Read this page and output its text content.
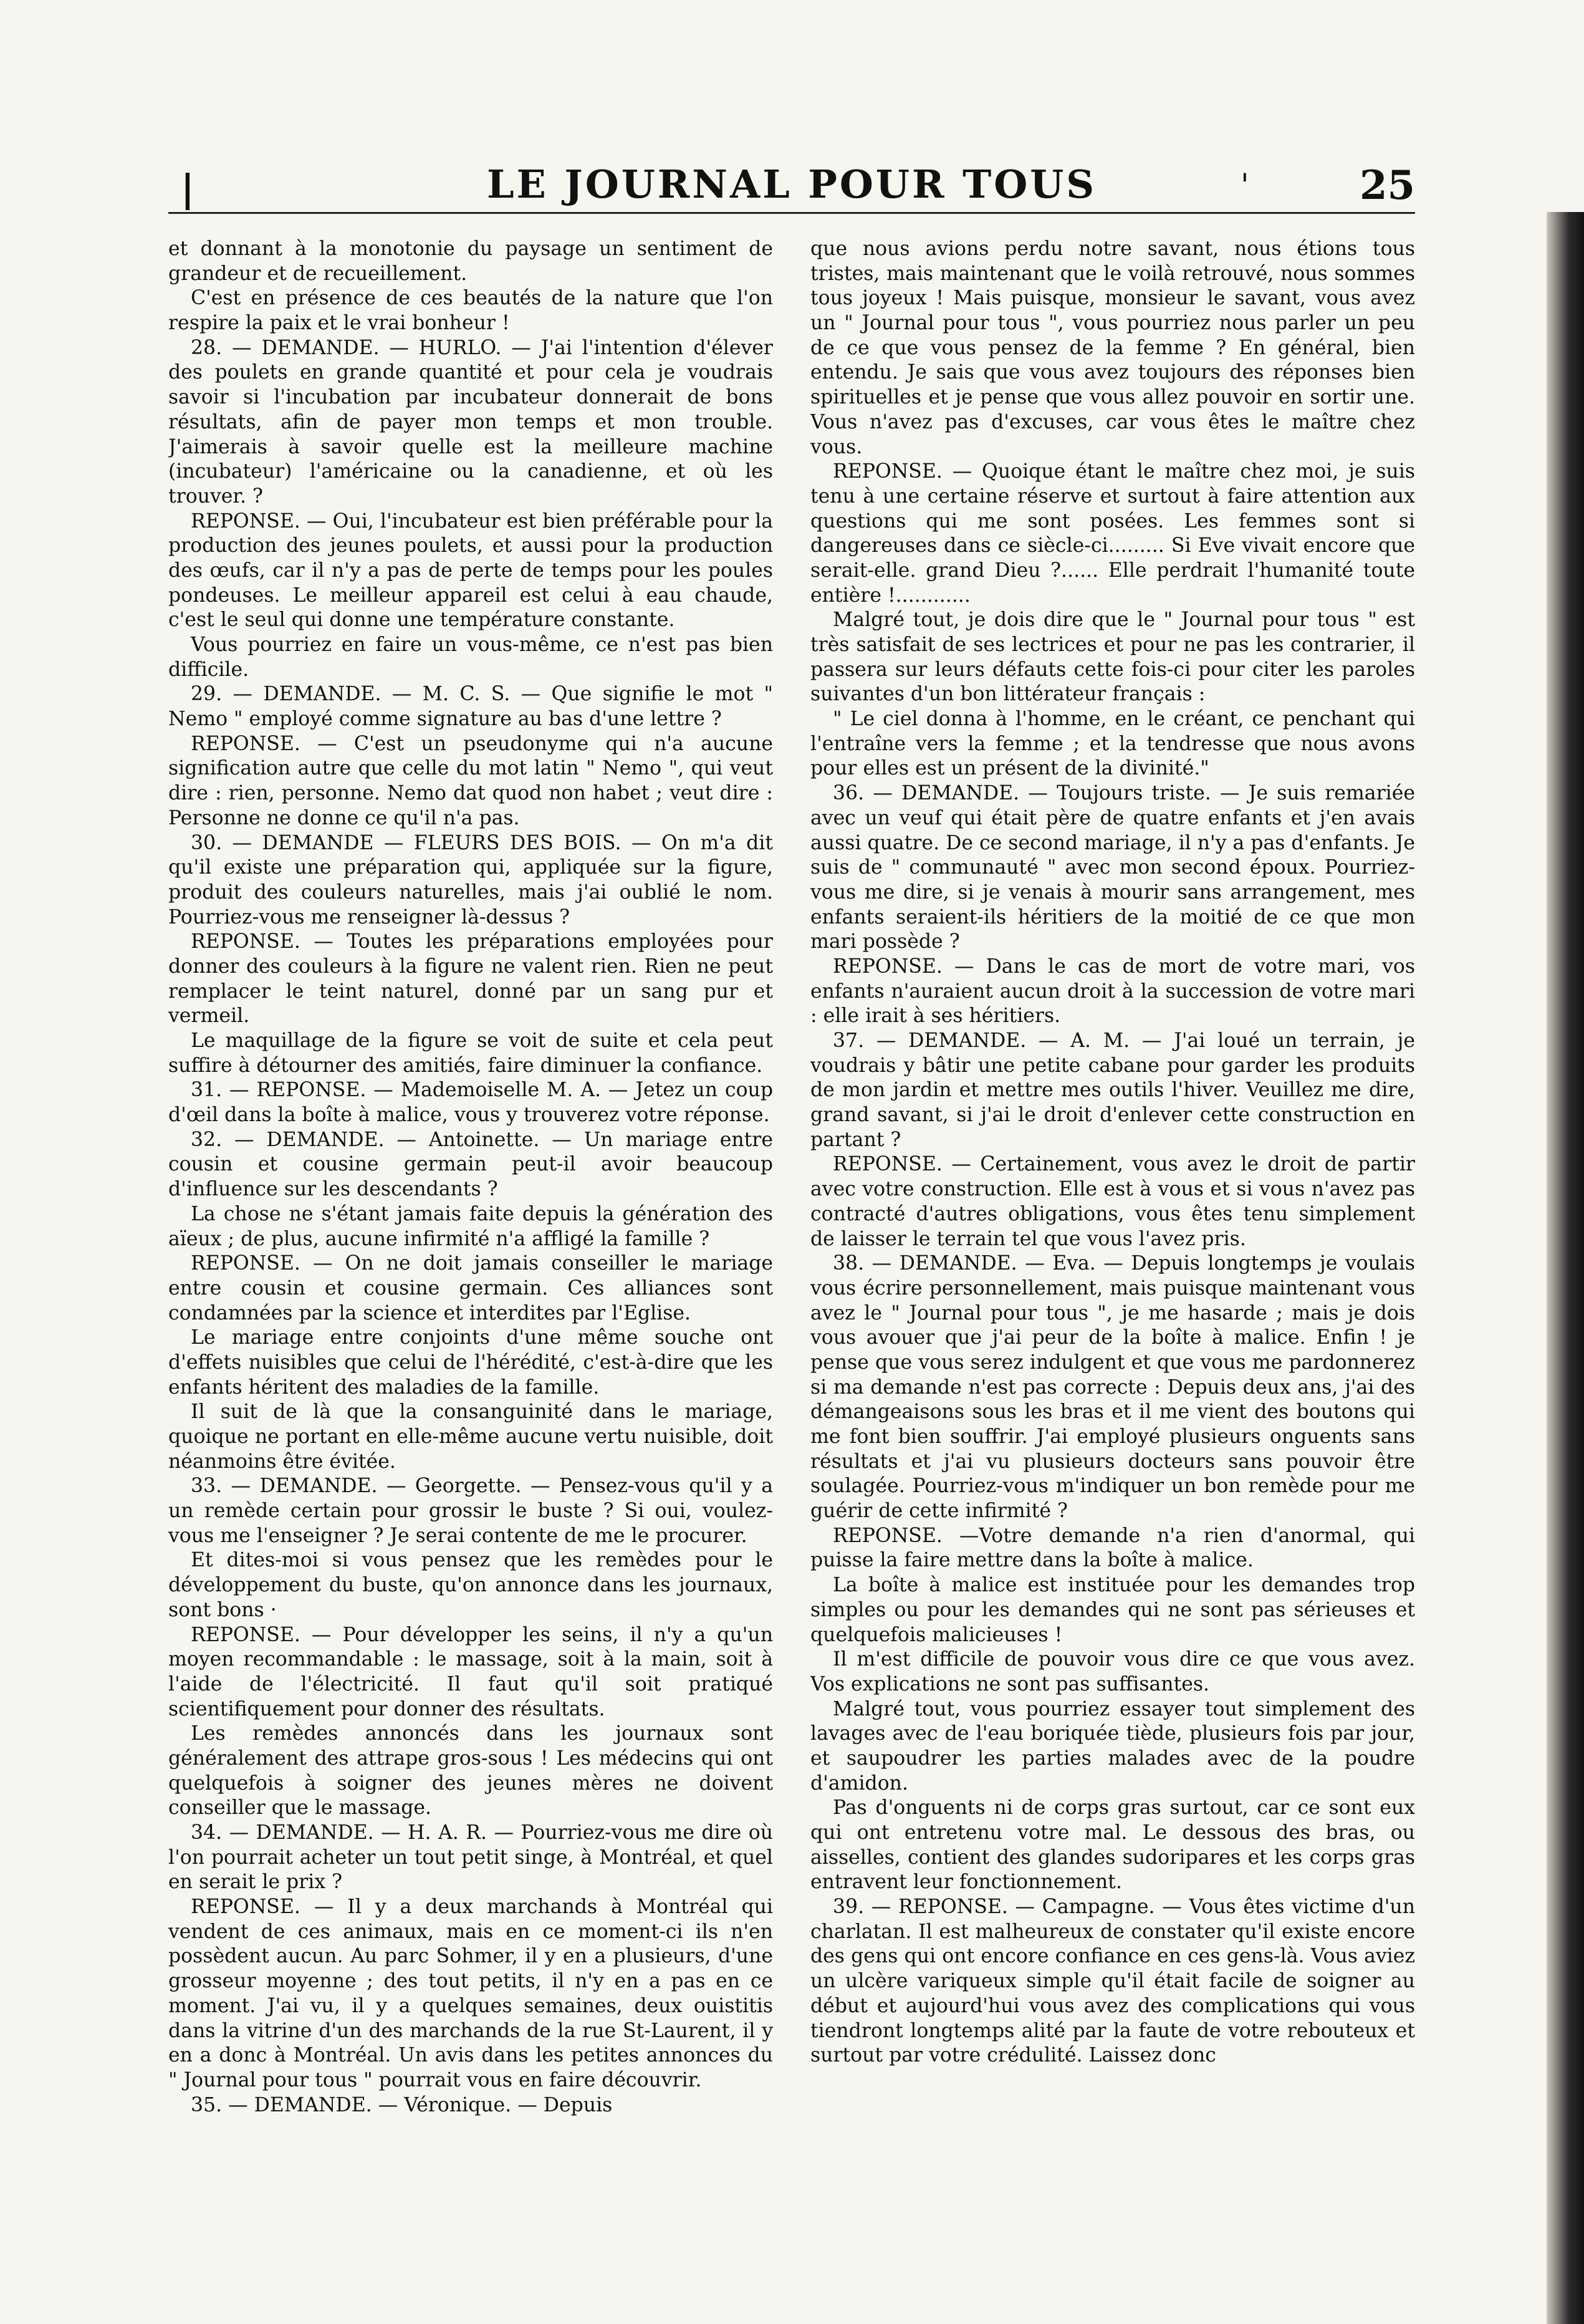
|	LE JOURNAL POUR TOUS	'	25

et donnant à la monotonie du paysage un sentiment de grandeur et de recueillement.

C'est en présence de ces beautés de la nature que l'on respire la paix et le vrai bonheur !

28. — DEMANDE. — HURLO. — J'ai l'intention d'élever des poulets en grande quantité et pour cela je voudrais savoir si l'incubation par incubateur donnerait de bons résultats, afin de payer mon temps et mon trouble. J'aimerais à savoir quelle est la meilleure machine (incubateur) l'américaine ou la canadienne, et où les trouver. ?

REPONSE. — Oui, l'incubateur est bien préférable pour la production des jeunes poulets, et aussi pour la production des œufs, car il n'y a pas de perte de temps pour les poules pondeuses. Le meilleur appareil est celui à eau chaude, c'est le seul qui donne une température constante.

Vous pourriez en faire un vous-même, ce n'est pas bien difficile.

29. — DEMANDE. — M. C. S. — Que signifie le mot " Nemo " employé comme signature au bas d'une lettre ?

REPONSE. — C'est un pseudonyme qui n'a aucune signification autre que celle du mot latin " Nemo ", qui veut dire : rien, personne. Nemo dat quod non habet ; veut dire : Personne ne donne ce qu'il n'a pas.

30. — DEMANDE — FLEURS DES BOIS. — On m'a dit qu'il existe une préparation qui, appliquée sur la figure, produit des couleurs naturelles, mais j'ai oublié le nom. Pourriez-vous me renseigner là-dessus ?

REPONSE. — Toutes les préparations employées pour donner des couleurs à la figure ne valent rien. Rien ne peut remplacer le teint naturel, donné par un sang pur et vermeil.

Le maquillage de la figure se voit de suite et cela peut suffire à détourner des amitiés, faire diminuer la confiance.

31. — REPONSE. — Mademoiselle M. A. — Jetez un coup d'œil dans la boîte à malice, vous y trouverez votre réponse.

32. — DEMANDE. — Antoinette. — Un mariage entre cousin et cousine germain peut-il avoir beaucoup d'influence sur les descendants ?

La chose ne s'étant jamais faite depuis la génération des aïeux ; de plus, aucune infirmité n'a affligé la famille ?

REPONSE. — On ne doit jamais conseiller le mariage entre cousin et cousine germain. Ces alliances sont condamnées par la science et interdites par l'Eglise.

Le mariage entre conjoints d'une même souche ont d'effets nuisibles que celui de l'hérédité, c'est-à-dire que les enfants héritent des maladies de la famille.

Il suit de là que la consanguinité dans le mariage, quoique ne portant en elle-même aucune vertu nuisible, doit néanmoins être évitée.

33. — DEMANDE. — Georgette. — Pensez-vous qu'il y a un remède certain pour grossir le buste ? Si oui, voulez-vous me l'enseigner ? Je serai contente de me le procurer.

Et dites-moi si vous pensez que les remèdes pour le développement du buste, qu'on annonce dans les journaux, sont bons ·

REPONSE. — Pour développer les seins, il n'y a qu'un moyen recommandable : le massage, soit à la main, soit à l'aide de l'électricité. Il faut qu'il soit pratiqué scientifiquement pour donner des résultats.

Les remèdes annoncés dans les journaux sont généralement des attrape gros-sous ! Les médecins qui ont quelquefois à soigner des jeunes mères ne doivent conseiller que le massage.

34. — DEMANDE. — H. A. R. — Pourriez-vous me dire où l'on pourrait acheter un tout petit singe, à Montréal, et quel en serait le prix ?

REPONSE. — Il y a deux marchands à Montréal qui vendent de ces animaux, mais en ce moment-ci ils n'en possèdent aucun. Au parc Sohmer, il y en a plusieurs, d'une grosseur moyenne ; des tout petits, il n'y en a pas en ce moment. J'ai vu, il y a quelques semaines, deux ouistitis dans la vitrine d'un des marchands de la rue St-Laurent, il y en a donc à Montréal. Un avis dans les petites annonces du " Journal pour tous " pourrait vous en faire découvrir.

35. — DEMANDE. — Véronique. — Depuis

que nous avions perdu notre savant, nous étions tous tristes, mais maintenant que le voilà retrouvé, nous sommes tous joyeux ! Mais puisque, monsieur le savant, vous avez un " Journal pour tous ", vous pourriez nous parler un peu de ce que vous pensez de la femme ? En général, bien entendu. Je sais que vous avez toujours des réponses bien spirituelles et je pense que vous allez pouvoir en sortir une. Vous n'avez pas d'excuses, car vous êtes le maître chez vous.

REPONSE. — Quoique étant le maître chez moi, je suis tenu à une certaine réserve et surtout à faire attention aux questions qui me sont posées. Les femmes sont si dangereuses dans ce siècle-ci......... Si Eve vivait encore que serait-elle. grand Dieu ?...... Elle perdrait l'humanité toute entière !............

Malgré tout, je dois dire que le " Journal pour tous " est très satisfait de ses lectrices et pour ne pas les contrarier, il passera sur leurs défauts cette fois-ci pour citer les paroles suivantes d'un bon littérateur français :

" Le ciel donna à l'homme, en le créant, ce penchant qui l'entraîne vers la femme ; et la tendresse que nous avons pour elles est un présent de la divinité."

36. — DEMANDE. — Toujours triste. — Je suis remariée avec un veuf qui était père de quatre enfants et j'en avais aussi quatre. De ce second mariage, il n'y a pas d'enfants. Je suis de " communauté " avec mon second époux. Pourriez-vous me dire, si je venais à mourir sans arrangement, mes enfants seraient-ils héritiers de la moitié de ce que mon mari possède ?

REPONSE. — Dans le cas de mort de votre mari, vos enfants n'auraient aucun droit à la succession de votre mari : elle irait à ses héritiers.

37. — DEMANDE. — A. M. — J'ai loué un terrain, je voudrais y bâtir une petite cabane pour garder les produits de mon jardin et mettre mes outils l'hiver. Veuillez me dire, grand savant, si j'ai le droit d'enlever cette construction en partant ?

REPONSE. — Certainement, vous avez le droit de partir avec votre construction. Elle est à vous et si vous n'avez pas contracté d'autres obligations, vous êtes tenu simplement de laisser le terrain tel que vous l'avez pris.

38. — DEMANDE. — Eva. — Depuis longtemps je voulais vous écrire personnellement, mais puisque maintenant vous avez le " Journal pour tous ", je me hasarde ; mais je dois vous avouer que j'ai peur de la boîte à malice. Enfin ! je pense que vous serez indulgent et que vous me pardonnerez si ma demande n'est pas correcte : Depuis deux ans, j'ai des démangeaisons sous les bras et il me vient des boutons qui me font bien souffrir. J'ai employé plusieurs onguents sans résultats et j'ai vu plusieurs docteurs sans pouvoir être soulagée. Pourriez-vous m'indiquer un bon remède pour me guérir de cette infirmité ?

REPONSE. —Votre demande n'a rien d'anormal, qui puisse la faire mettre dans la boîte à malice.

La boîte à malice est instituée pour les demandes trop simples ou pour les demandes qui ne sont pas sérieuses et quelquefois malicieuses !

Il m'est difficile de pouvoir vous dire ce que vous avez. Vos explications ne sont pas suffisantes.

Malgré tout, vous pourriez essayer tout simplement des lavages avec de l'eau boriquée tiède, plusieurs fois par jour, et saupoudrer les parties malades avec de la poudre d'amidon.

Pas d'onguents ni de corps gras surtout, car ce sont eux qui ont entretenu votre mal. Le dessous des bras, ou aisselles, contient des glandes sudoripares et les corps gras entravent leur fonctionnement.

39. — REPONSE. — Campagne. — Vous êtes victime d'un charlatan. Il est malheureux de constater qu'il existe encore des gens qui ont encore confiance en ces gens-là. Vous aviez un ulcère variqueux simple qu'il était facile de soigner au début et aujourd'hui vous avez des complications qui vous tiendront longtemps alité par la faute de votre rebouteux et surtout par votre crédulité. Laissez donc
